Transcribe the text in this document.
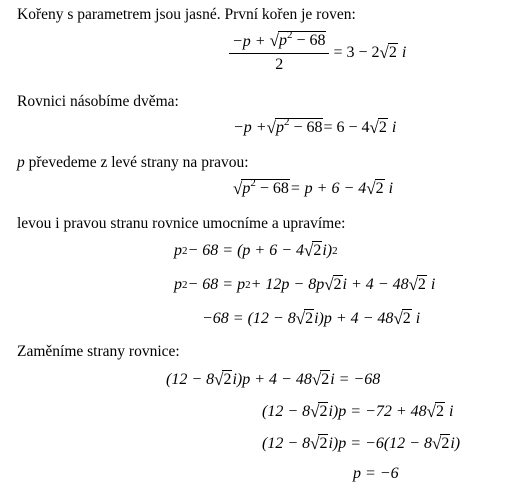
Kořeny s parametrem jsou jasné. První kořen je roven:
$\frac{-p + √ p^2 - 68}{2} = 3 - 2$ √ 2 i
Rovnici násobíme dvěma:
−p + √ $p^2 - 68 = 6 - 4$ √ 2 i
p převedeme z levé strany na pravou:
√ $p^2 - 68 = p + 6 - 4$ √ 2 i
levou i pravou stranu rovnice umocníme a upravíme:
p 2 − 68 = (p + 6 − 4 √ 2 i) 2
p 2 − 68 = p 2 + 12p − 8p √ 2 i + 4 − 48 √ 2 i
−68 = (12 − 8 √ 2 i)p + 4 − 48 √ 2 i
Zaměníme strany rovnice:
(12 − 8 √ 2 i)p + 4 − 48 √ 2 i = −68
(12 − 8 √ 2 i)p = −72 + 48 √ 2 i
(12 − 8 √ 2 i)p = −6(12 − 8 √ 2 i)
p = −6
